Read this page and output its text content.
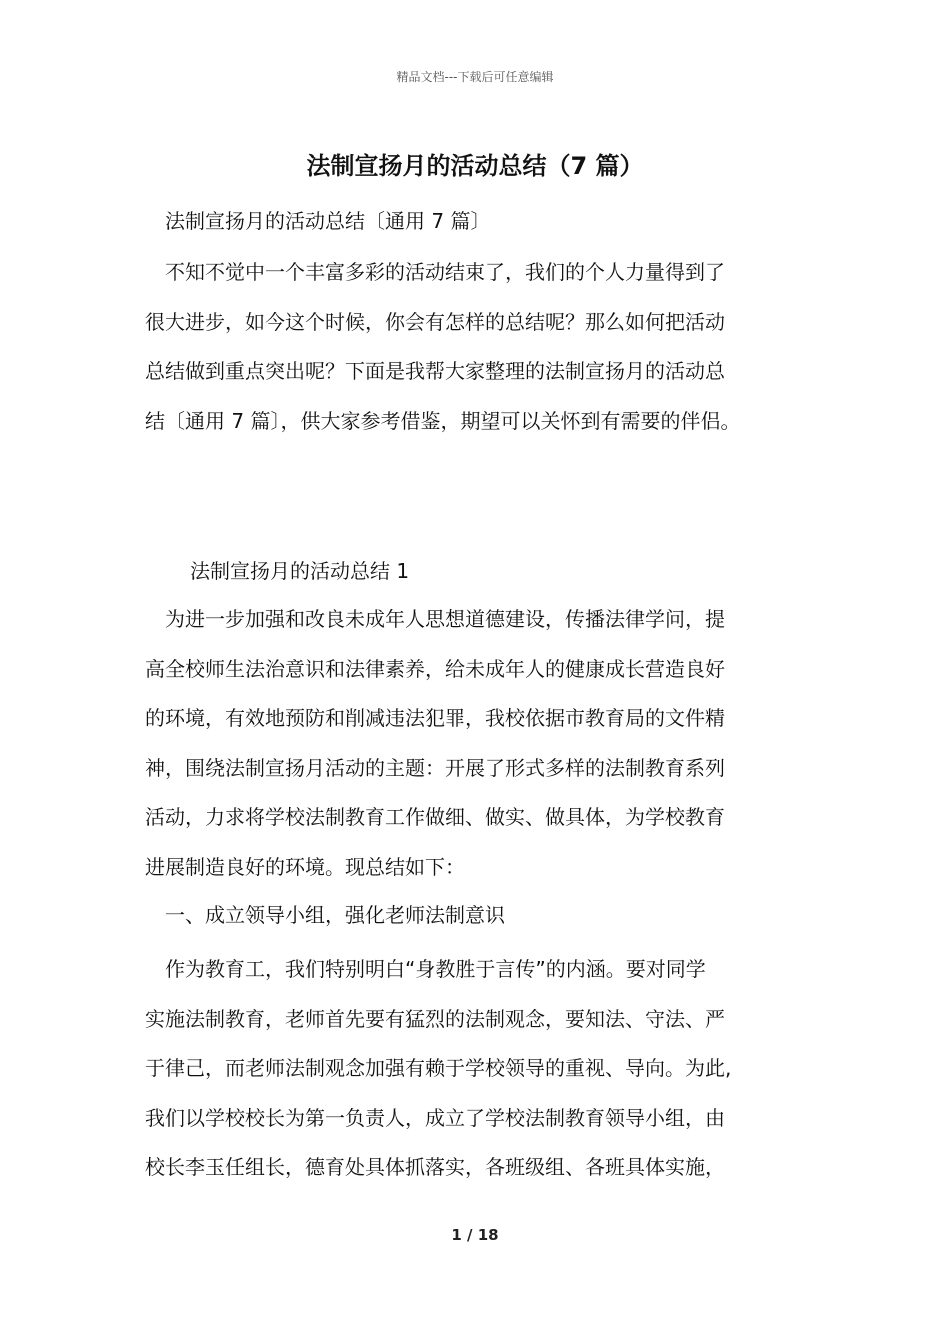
精品文档---下载后可任意编辑
法制宣扬月的活动总结（7 篇）

法制宣扬月的活动总结〔通用 7 篇〕

　不知不觉中一个丰富多彩的活动结束了，我们的个人力量得到了
很大进步，如今这个时候，你会有怎样的总结呢？那么如何把活动
总结做到重点突出呢？下面是我帮大家整理的法制宣扬月的活动总
结〔通用 7 篇〕，供大家参考借鉴，期望可以关怀到有需要的伴侣。
法制宣扬月的活动总结 1
　为进一步加强和改良未成年人思想道德建设，传播法律学问，提
高全校师生法治意识和法律素养，给未成年人的健康成长营造良好
的环境，有效地预防和削减违法犯罪，我校依据市教育局的文件精
神，围绕法制宣扬月活动的主题：开展了形式多样的法制教育系列
活动，力求将学校法制教育工作做细、做实、做具体，为学校教育
进展制造良好的环境。现总结如下：
一、成立领导小组，强化老师法制意识
　作为教育工，我们特别明白“身教胜于言传”的内涵。要对同学
实施法制教育，老师首先要有猛烈的法制观念，要知法、守法、严
于律己，而老师法制观念加强有赖于学校领导的重视、导向。为此,
我们以学校校长为第一负责人，成立了学校法制教育领导小组，由
校长李玉任组长，德育处具体抓落实，各班级组、各班具体实施，
1 / 18
